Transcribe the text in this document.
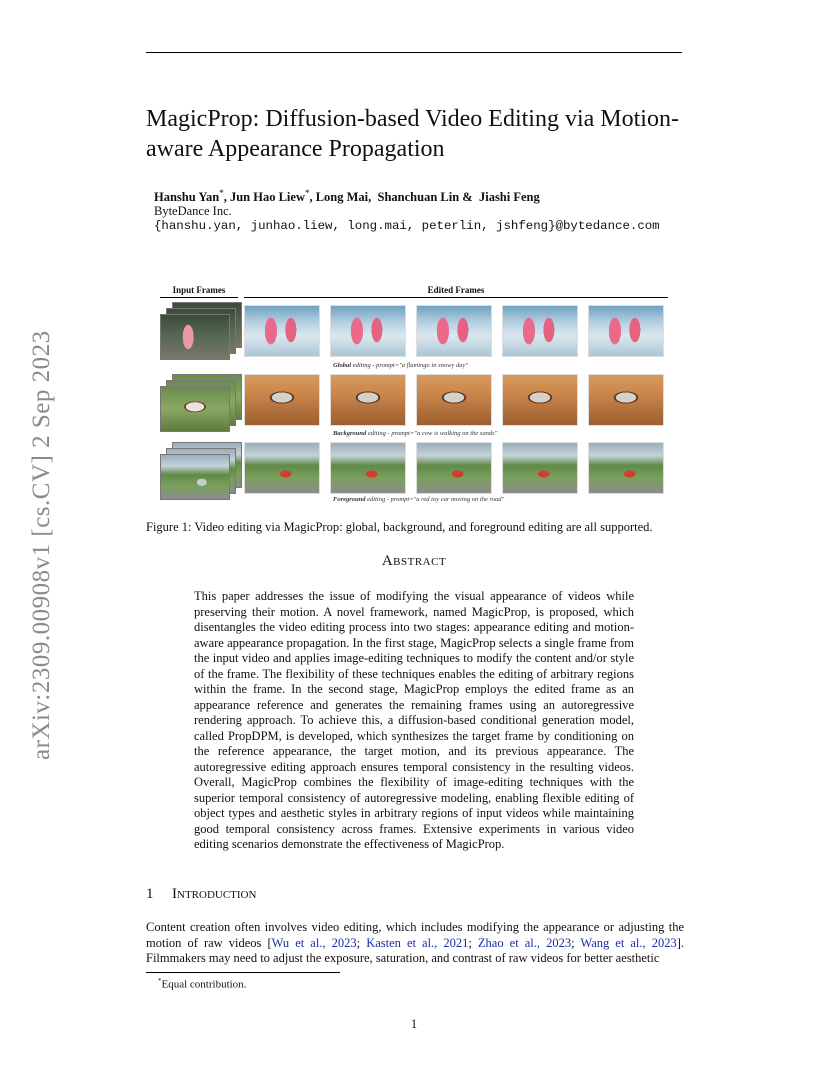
arXiv:2309.00908v1 [cs.CV] 2 Sep 2023
MagicProp: Diffusion-based Video Editing via Motion-aware Appearance Propagation
Hanshu Yan*, Jun Hao Liew*, Long Mai,  Shanchuan Lin & Jiashi Feng
ByteDance Inc.
{hanshu.yan, junhao.liew, long.mai, peterlin, jshfeng}@bytedance.com
Input Frames	Edited Frames
Global editing - prompt="a flamingo in snowy day"
Background editing - prompt="a cow is walking on the sands"
Foreground editing - prompt="a red toy car moving on the road"
Figure 1: Video editing via MagicProp: global, background, and foreground editing are all supported.
Abstract
This paper addresses the issue of modifying the visual appearance of videos while preserving their motion. A novel framework, named MagicProp, is proposed, which disentangles the video editing process into two stages: appearance editing and motion-aware appearance propagation. In the first stage, MagicProp selects a single frame from the input video and applies image-editing techniques to modify the content and/or style of the frame. The flexibility of these techniques enables the editing of arbitrary regions within the frame. In the second stage, MagicProp employs the edited frame as an appearance reference and generates the remaining frames using an autoregressive rendering approach. To achieve this, a diffusion-based conditional generation model, called PropDPM, is developed, which synthesizes the target frame by conditioning on the reference appearance, the target motion, and its previous appearance. The autoregressive editing approach ensures temporal consistency in the resulting videos. Overall, MagicProp combines the flexibility of image-editing techniques with the superior temporal consistency of autoregressive modeling, enabling flexible editing of object types and aesthetic styles in arbitrary regions of input videos while maintaining good temporal consistency across frames. Extensive experiments in various video editing scenarios demonstrate the effectiveness of MagicProp.
1 Introduction
Content creation often involves video editing, which includes modifying the appearance or adjusting the motion of raw videos [Wu et al., 2023; Kasten et al., 2021; Zhao et al., 2023; Wang et al., 2023]. Filmmakers may need to adjust the exposure, saturation, and contrast of raw videos for better aesthetic
*Equal contribution.
1
